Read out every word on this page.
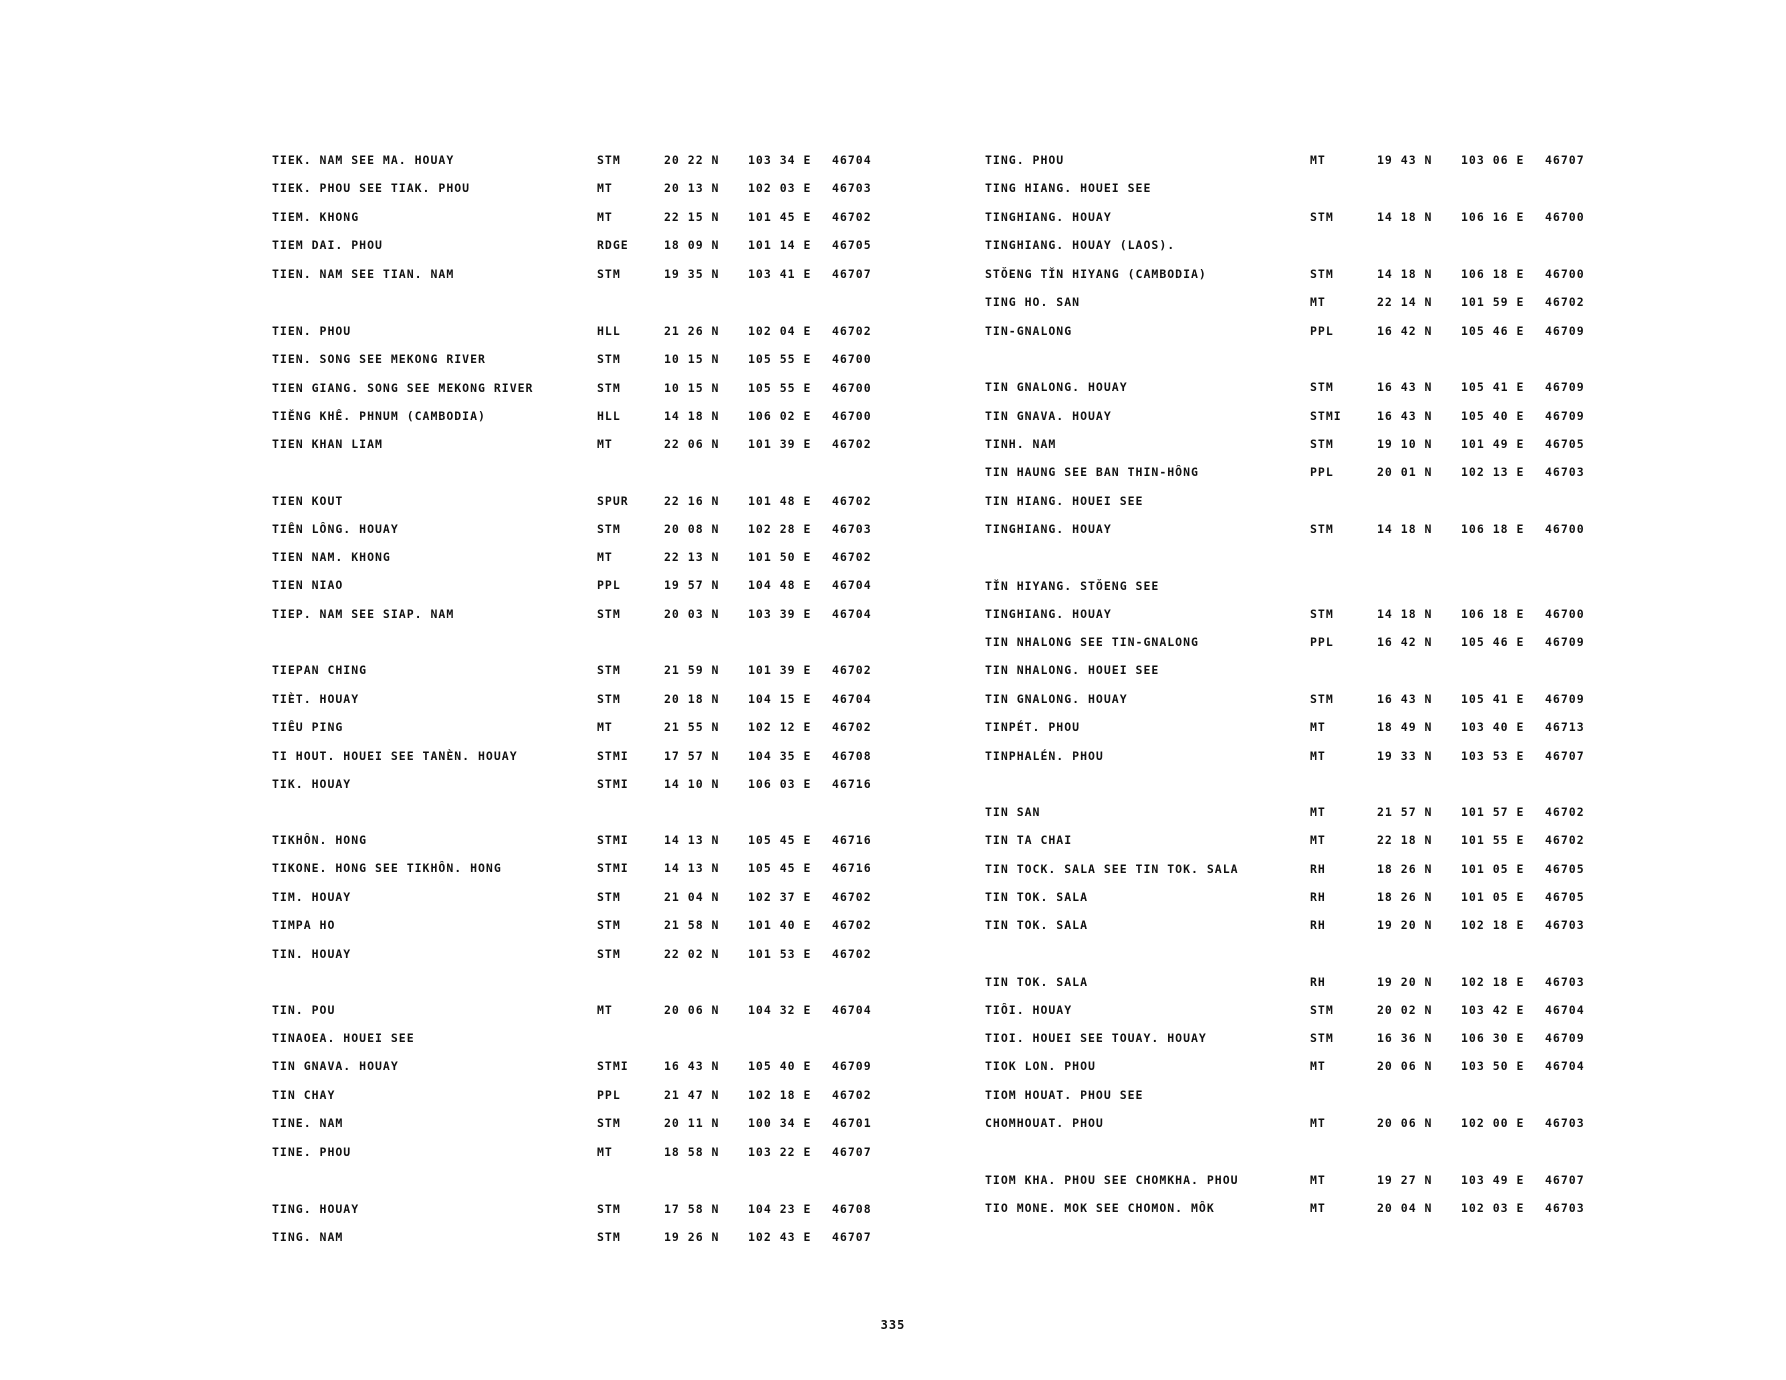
TIEK. NAM SEE MA. HOUAY	STM	20 22 N 103 34 E 46704
TIEK. PHOU SEE TIAK. PHOU	MT	20 13 N 102 03 E 46703
TIEM. KHONG	MT	22 15 N 101 45 E 46702
TIEM DAI. PHOU	RDGE	18 09 N 101 14 E 46705
TIEN. NAM SEE TIAN. NAM	STM	19 35 N 103 41 E 46707
TIEN. PHOU	HLL	21 26 N 102 04 E 46702
TIEN. SONG SEE MEKONG RIVER	STM	10 15 N 105 55 E 46700
TIEN GIANG. SONG SEE MEKONG RIVER	STM	10 15 N 105 55 E 46700
TIĔNG KHÊ. PHNUM (CAMBODIA)	HLL	14 18 N 106 02 E 46700
TIEN KHAN LIAM	MT	22 06 N 101 39 E 46702
TIEN KOUT	SPUR	22 16 N 101 48 E 46702
TIÊN LÔNG. HOUAY	STM	20 08 N 102 28 E 46703
TIEN NAM. KHONG	MT	22 13 N 101 50 E 46702
TIEN NIAO	PPL	19 57 N 104 48 E 46704
TIEP. NAM SEE SIAP. NAM	STM	20 03 N 103 39 E 46704
TIEPAN CHING	STM	21 59 N 101 39 E 46702
TIÈT. HOUAY	STM	20 18 N 104 15 E 46704
TIÊU PING	MT	21 55 N 102 12 E 46702
TI HOUT. HOUEI SEE TANÈN. HOUAY	STMI	17 57 N 104 35 E 46708
TIK. HOUAY	STMI	14 10 N 106 03 E 46716
TIKHÔN. HONG	STMI	14 13 N 105 45 E 46716
TIKONE. HONG SEE TIKHÔN. HONG	STMI	14 13 N 105 45 E 46716
TIM. HOUAY	STM	21 04 N 102 37 E 46702
TIMPA HO	STM	21 58 N 101 40 E 46702
TIN. HOUAY	STM	22 02 N 101 53 E 46702
TIN. POU	MT	20 06 N 104 32 E 46704
TINAOEA. HOUEI SEE
TIN GNAVA. HOUAY	STMI	16 43 N 105 40 E 46709
TIN CHAY	PPL	21 47 N 102 18 E 46702
TINE. NAM	STM	20 11 N 100 34 E 46701
TINE. PHOU	MT	18 58 N 103 22 E 46707
TING. HOUAY	STM	17 58 N 104 23 E 46708
TING. NAM	STM	19 26 N 102 43 E 46707
TING. PHOU	MT	19 43 N 103 06 E 46707
TING HIANG. HOUEI SEE
TINGHIANG. HOUAY	STM	14 18 N 106 16 E 46700
TINGHIANG. HOUAY (LAOS).
STŎENG TĬN HIYANG (CAMBODIA)	STM	14 18 N 106 18 E 46700
TING HO. SAN	MT	22 14 N 101 59 E 46702
TIN-GNALONG	PPL	16 42 N 105 46 E 46709
TIN GNALONG. HOUAY	STM	16 43 N 105 41 E 46709
TIN GNAVA. HOUAY	STMI	16 43 N 105 40 E 46709
TINH. NAM	STM	19 10 N 101 49 E 46705
TIN HAUNG SEE BAN THIN-HÔNG	PPL	20 01 N 102 13 E 46703
TIN HIANG. HOUEI SEE
TINGHIANG. HOUAY	STM	14 18 N 106 18 E 46700
TĬN HIYANG. STŎENG SEE
TINGHIANG. HOUAY	STM	14 18 N 106 18 E 46700
TIN NHALONG SEE TIN-GNALONG	PPL	16 42 N 105 46 E 46709
TIN NHALONG. HOUEI SEE
TIN GNALONG. HOUAY	STM	16 43 N 105 41 E 46709
TINPÉT. PHOU	MT	18 49 N 103 40 E 46713
TINPHALÉN. PHOU	MT	19 33 N 103 53 E 46707
TIN SAN	MT	21 57 N 101 57 E 46702
TIN TA CHAI	MT	22 18 N 101 55 E 46702
TIN TOCK. SALA SEE TIN TOK. SALA	RH	18 26 N 101 05 E 46705
TIN TOK. SALA	RH	18 26 N 101 05 E 46705
TIN TOK. SALA	RH	19 20 N 102 18 E 46703
TIN TOK. SALA	RH	19 20 N 102 18 E 46703
TIÔI. HOUAY	STM	20 02 N 103 42 E 46704
TIOI. HOUEI SEE TOUAY. HOUAY	STM	16 36 N 106 30 E 46709
TIOK LON. PHOU	MT	20 06 N 103 50 E 46704
TIOM HOUAT. PHOU SEE
CHOMHOUAT. PHOU	MT	20 06 N 102 00 E 46703
TIOM KHA. PHOU SEE CHOMKHA. PHOU	MT	19 27 N 103 49 E 46707
TIO MONE. MOK SEE CHOMON. MÔK	MT	20 04 N 102 03 E 46703
335
